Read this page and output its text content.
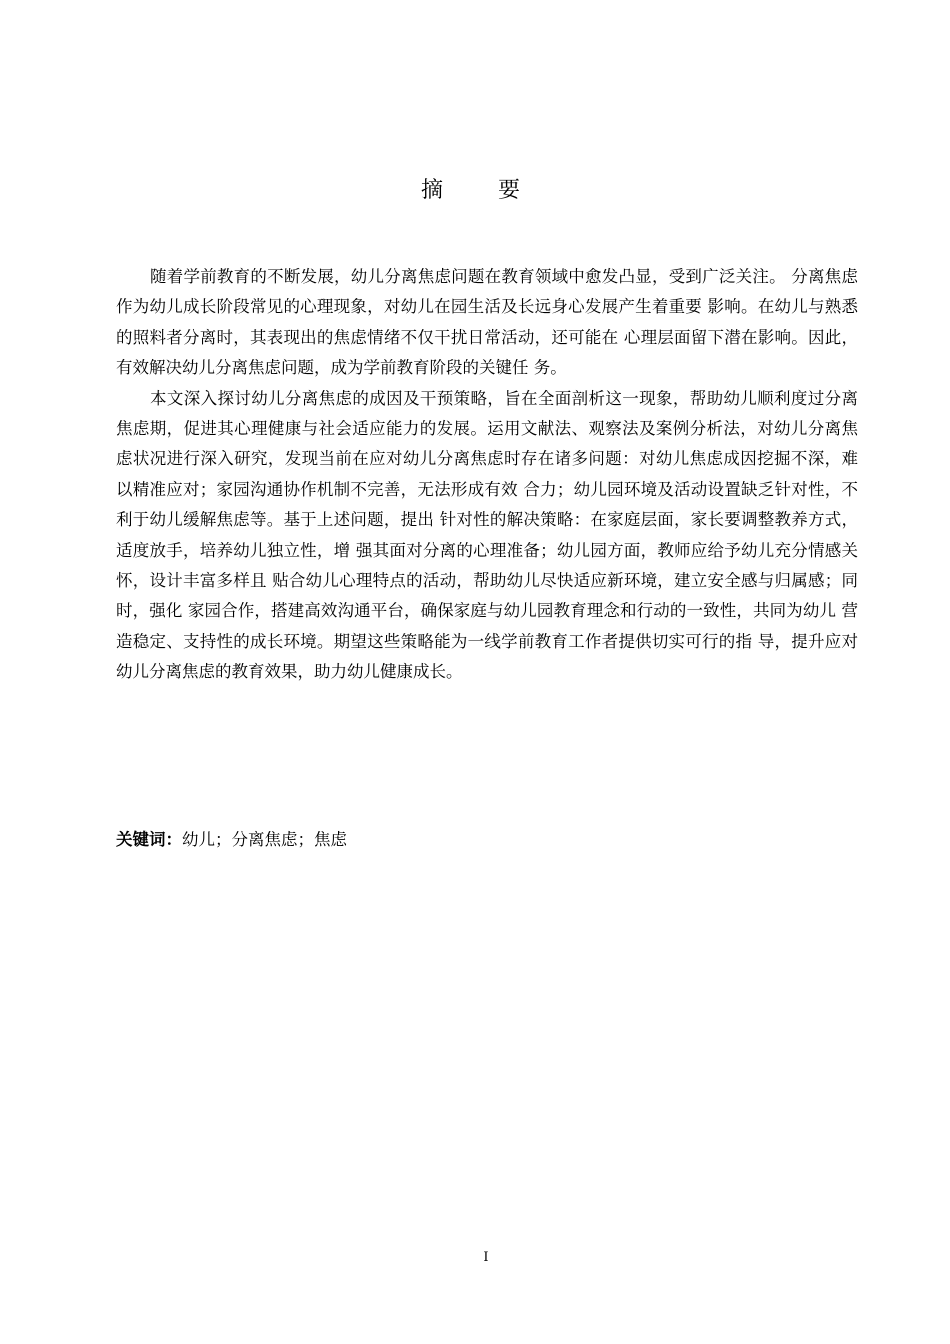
摘 要

随着学前教育的不断发展，幼儿分离焦虑问题在教育领域中愈发凸显，受到广泛关注。 分离焦虑作为幼儿成长阶段常见的心理现象，对幼儿在园生活及长远身心发展产生着重要 影响。在幼儿与熟悉的照料者分离时，其表现出的焦虑情绪不仅干扰日常活动，还可能在 心理层面留下潜在影响。因此， 有效解决幼儿分离焦虑问题，成为学前教育阶段的关键任 务。

本文深入探讨幼儿分离焦虑的成因及干预策略，旨在全面剖析这一现象，帮助幼儿顺利度过分离焦虑期，促进其心理健康与社会适应能力的发展。运用文献法、观察法及案例分析法，对幼儿分离焦虑状况进行深入研究，发现当前在应对幼儿分离焦虑时存在诸多问题：对幼儿焦虑成因挖掘不深，难以精准应对；家园沟通协作机制不完善，无法形成有效 合力；幼儿园环境及活动设置缺乏针对性，不利于幼儿缓解焦虑等。基于上述问题，提出 针对性的解决策略：在家庭层面，家长要调整教养方式，适度放手，培养幼儿独立性，增 强其面对分离的心理准备；幼儿园方面，教师应给予幼儿充分情感关怀，设计丰富多样且 贴合幼儿心理特点的活动，帮助幼儿尽快适应新环境，建立安全感与归属感；同时，强化 家园合作，搭建高效沟通平台，确保家庭与幼儿园教育理念和行动的一致性，共同为幼儿 营造稳定、支持性的成长环境。期望这些策略能为一线学前教育工作者提供切实可行的指 导，提升应对幼儿分离焦虑的教育效果，助力幼儿健康成长。

关键词：幼儿；分离焦虑；焦虑
I
